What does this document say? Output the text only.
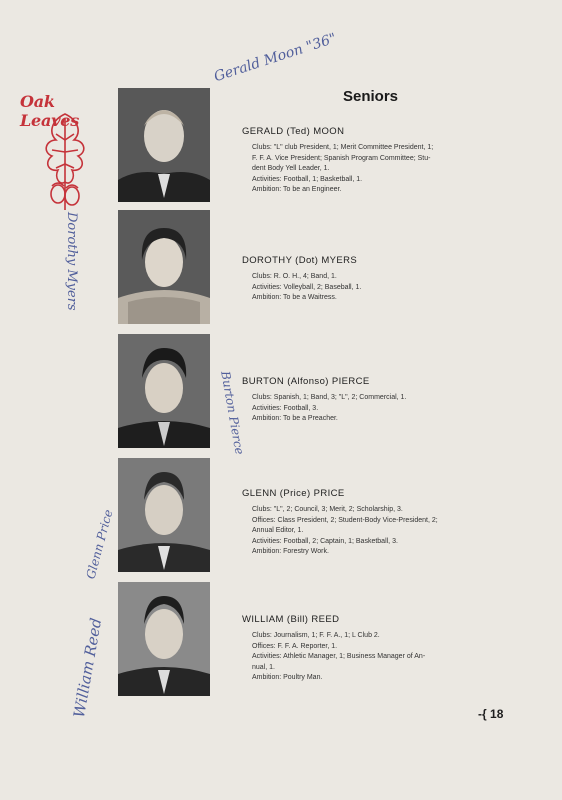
Oak Leaves
Seniors
GERALD (Ted) MOON
Clubs: "L" club President, 1; Merit Committee President, 1;
F. F. A. Vice President; Spanish Program Committee; Stu-
dent Body Yell Leader, 1.
Activities: Football, 1; Basketball, 1.
Ambition: To be an Engineer.
DOROTHY (Dot) MYERS
Clubs: R. O. H., 4; Band, 1.
Activities: Volleyball, 2; Baseball, 1.
Ambition: To be a Waitress.
BURTON (Alfonso) PIERCE
Clubs: Spanish, 1; Band, 3; "L", 2; Commercial, 1.
Activities: Football, 3.
Ambition: To be a Preacher.
GLENN (Price) PRICE
Clubs: "L", 2; Council, 3; Merit, 2; Scholarship, 3.
Offices: Class President, 2; Student-Body Vice-President, 2;
Annual Editor, 1.
Activities: Football, 2; Captain, 1; Basketball, 3.
Ambition: Forestry Work.
WILLIAM (Bill) REED
Clubs: Journalism, 1; F. F. A., 1; L Club 2.
Offices: F. F. A. Reporter, 1.
Activities: Athletic Manager, 1; Business Manager of An-
nual, 1.
Ambition: Poultry Man.
Gerald Moon "36"
Dorothy Myers
Burton Pierce
Glenn Price
William Reed	-{ 18
